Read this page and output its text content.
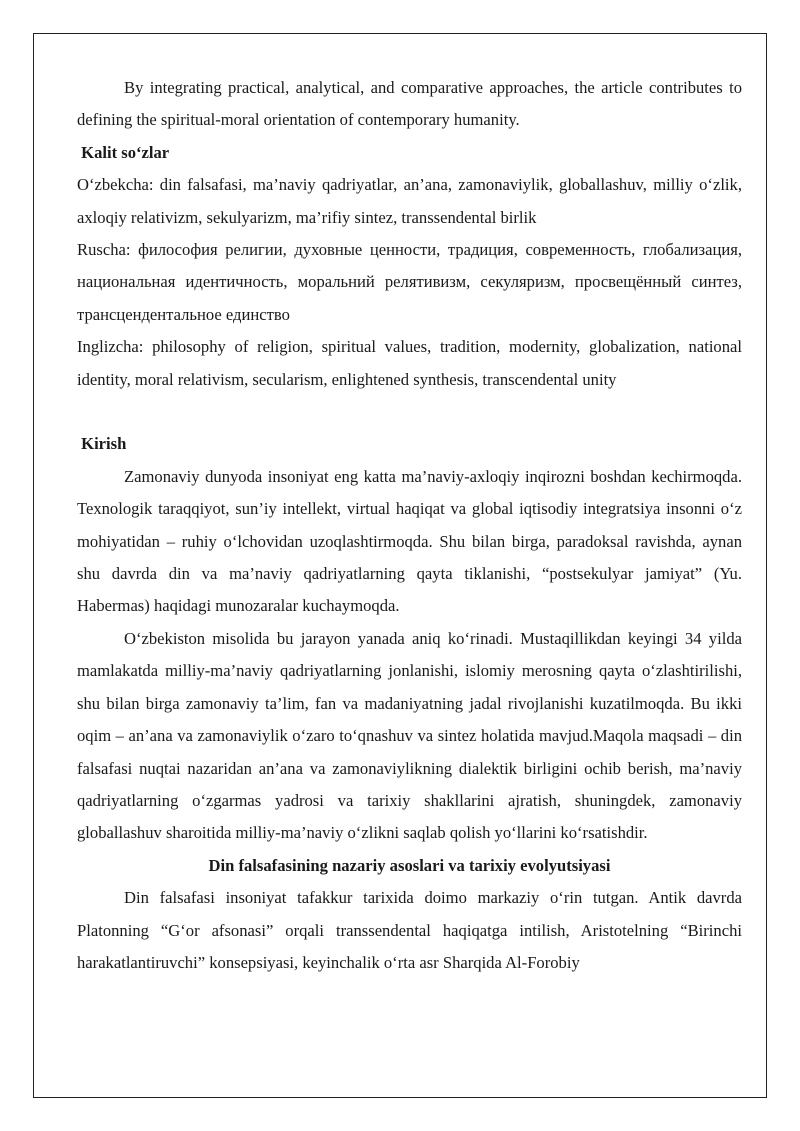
By integrating practical, analytical, and comparative approaches, the article contributes to defining the spiritual-moral orientation of contemporary humanity.

Kalit so‘zlar

O‘zbekcha: din falsafasi, ma’naviy qadriyatlar, an’ana, zamonaviylik, globallashuv, milliy o‘zlik, axloqiy relativizm, sekulyarizm, ma’rifiy sintez, transsendental birlik

Ruscha: философия религии, духовные ценности, традиция, современность, глобализация, национальная идентичность, моральний релятивизм, секуляризм, просвещённый синтез, трансцендентальное единство

Inglizcha: philosophy of religion, spiritual values, tradition, modernity, globalization, national identity, moral relativism, secularism, enlightened synthesis, transcendental unity

Kirish

Zamonaviy dunyoda insoniyat eng katta ma’naviy-axloqiy inqirozni boshdan kechirmoqda. Texnologik taraqqiyot, sun’iy intellekt, virtual haqiqat va global iqtisodiy integratsiya insonni o‘z mohiyatidan – ruhiy o‘lchovidan uzoqlashtirmoqda. Shu bilan birga, paradoksal ravishda, aynan shu davrda din va ma’naviy qadriyatlarning qayta tiklanishi, “postsekulyar jamiyat” (Yu. Habermas) haqidagi munozaralar kuchaymoqda.

O‘zbekiston misolida bu jarayon yanada aniq ko‘rinadi. Mustaqillikdan keyingi 34 yilda mamlakatda milliy-ma’naviy qadriyatlarning jonlanishi, islomiy merosning qayta o‘zlashtirilishi, shu bilan birga zamonaviy ta’lim, fan va madaniyatning jadal rivojlanishi kuzatilmoqda. Bu ikki oqim – an’ana va zamonaviylik o‘zaro to‘qnashuv va sintez holatida mavjud.Maqola maqsadi – din falsafasi nuqtai nazaridan an’ana va zamonaviylikning dialektik birligini ochib berish, ma’naviy qadriyatlarning o‘zgarmas yadrosi va tarixiy shakllarini ajratish, shuningdek, zamonaviy globallashuv sharoitida milliy-ma’naviy o‘zlikni saqlab qolish yo‘llarini ko‘rsatishdir.

Din falsafasining nazariy asoslari va tarixiy evolyutsiyasi

Din falsafasi insoniyat tafakkur tarixida doimo markaziy o‘rin tutgan. Antik davrda Platonning “G‘or afsonasi” orqali transsendental haqiqatga intilish, Aristotelning “Birinchi harakatlantiruvchi” konsepsiyasi, keyinchalik o‘rta asr Sharqida Al-Forobiy
